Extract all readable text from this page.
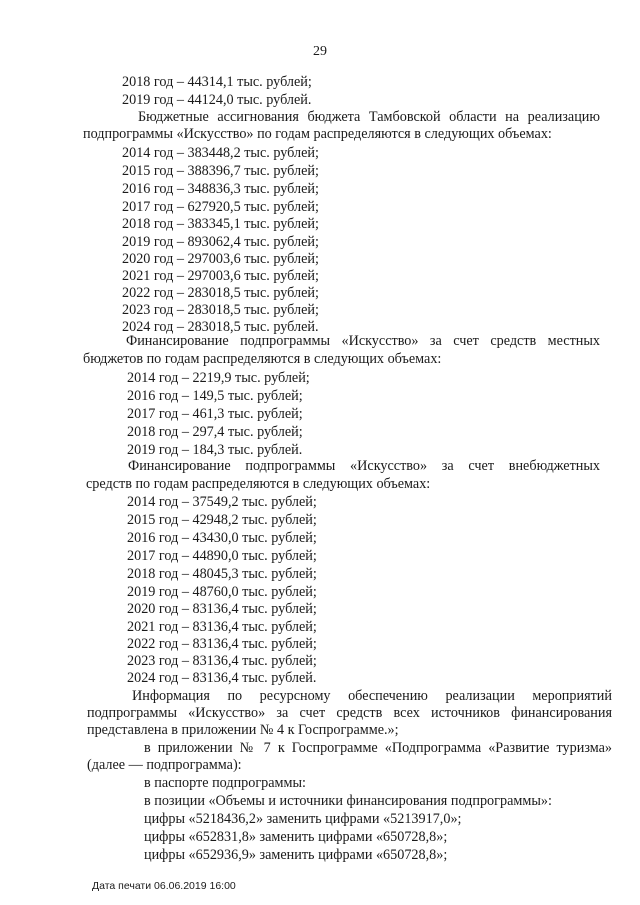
29
2018 год – 44314,1 тыс. рублей;
2019 год – 44124,0 тыс. рублей.
Бюджетные ассигнования бюджета Тамбовской области на реализацию
подпрограммы «Искусство» по годам распределяются в следующих объемах:
2014 год – 383448,2 тыс. рублей;
2015 год – 388396,7 тыс. рублей;
2016 год – 348836,3 тыс. рублей;
2017 год – 627920,5 тыс. рублей;
2018 год – 383345,1 тыс. рублей;
2019 год – 893062,4 тыс. рублей;
2020 год – 297003,6 тыс. рублей;
2021 год – 297003,6 тыс. рублей;
2022 год – 283018,5 тыс. рублей;
2023 год – 283018,5 тыс. рублей;
2024 год – 283018,5 тыс. рублей.
Финансирование подпрограммы «Искусство» за счет средств местных
бюджетов по годам распределяются в следующих объемах:
2014 год – 2219,9 тыс. рублей;
2016 год – 149,5 тыс. рублей;
2017 год – 461,3 тыс. рублей;
2018 год – 297,4 тыс. рублей;
2019 год – 184,3 тыс. рублей.
Финансирование подпрограммы «Искусство» за счет внебюджетных
средств по годам распределяются в следующих объемах:
2014 год – 37549,2 тыс. рублей;
2015 год – 42948,2 тыс. рублей;
2016 год – 43430,0 тыс. рублей;
2017 год – 44890,0 тыс. рублей;
2018 год – 48045,3 тыс. рублей;
2019 год – 48760,0 тыс. рублей;
2020 год – 83136,4 тыс. рублей;
2021 год – 83136,4 тыс. рублей;
2022 год – 83136,4 тыс. рублей;
2023 год – 83136,4 тыс. рублей;
2024 год – 83136,4 тыс. рублей.
Информация по ресурсному обеспечению реализации мероприятий
подпрограммы «Искусство» за счет средств всех источников финансирования
представлена в приложении № 4 к Госпрограмме.»;
в приложении № 7 к Госпрограмме «Подпрограмма «Развитие туризма»
(далее — подпрограмма):
в паспорте подпрограммы:
в позиции «Объемы и источники финансирования подпрограммы»:
цифры «5218436,2» заменить цифрами «5213917,0»;
цифры «652831,8» заменить цифрами «650728,8»;
цифры «652936,9» заменить цифрами «650728,8»;
Дата печати 06.06.2019 16:00
